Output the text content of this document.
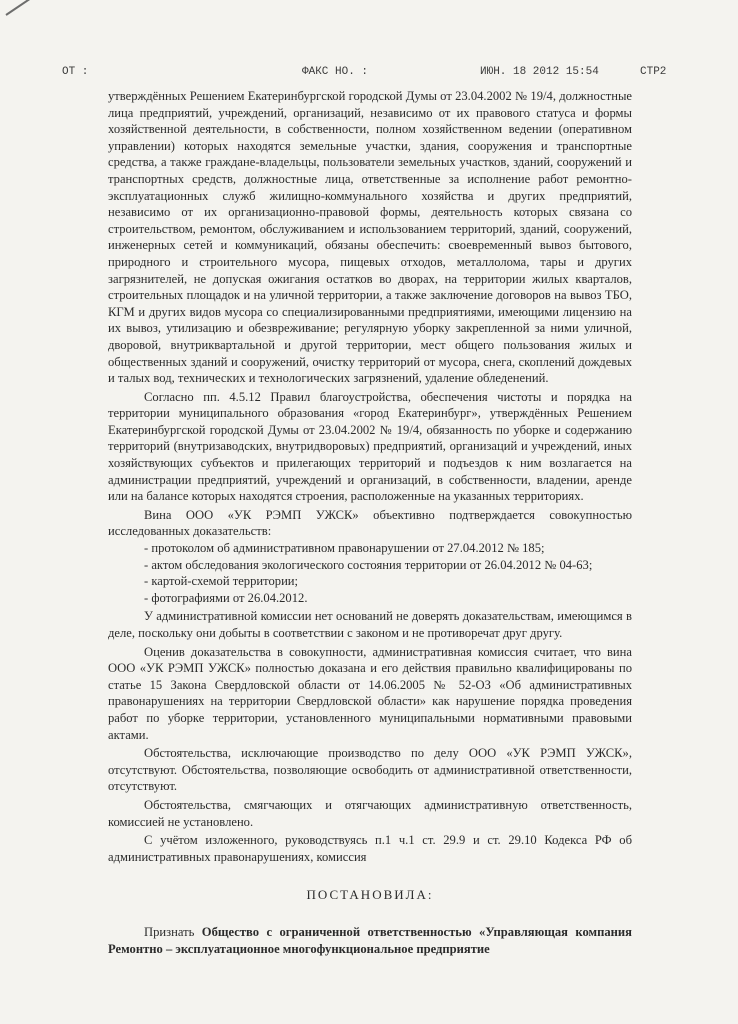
ОТ :	ФАКС НО. :	ИЮН. 18 2012 15:54	СТР2

утверждённых Решением Екатеринбургской городской Думы от 23.04.2002 № 19/4, должностные лица предприятий, учреждений, организаций, независимо от их правового статуса и формы хозяйственной деятельности, в собственности, полном хозяйственном ведении (оперативном управлении) которых находятся земельные участки, здания, сооружения и транспортные средства, а также граждане-владельцы, пользователи земельных участков, зданий, сооружений и транспортных средств, должностные лица, ответственные за исполнение работ ремонтно-эксплуатационных служб жилищно-коммунального хозяйства и других предприятий, независимо от их организационно-правовой формы, деятельность которых связана со строительством, ремонтом, обслуживанием и использованием территорий, зданий, сооружений, инженерных сетей и коммуникаций, обязаны обеспечить: своевременный вывоз бытового, природного и строительного мусора, пищевых отходов, металлолома, тары и других загрязнителей, не допуская ожигания остатков во дворах, на территории жилых кварталов, строительных площадок и на уличной территории, а также заключение договоров на вывоз ТБО, КГМ и других видов мусора со специализированными предприятиями, имеющими лицензию на их вывоз, утилизацию и обезвреживание; регулярную уборку закрепленной за ними уличной, дворовой, внутриквартальной и другой территории, мест общего пользования жилых и общественных зданий и сооружений, очистку территорий от мусора, снега, скоплений дождевых и талых вод, технических и технологических загрязнений, удаление обледенений.

Согласно пп. 4.5.12 Правил благоустройства, обеспечения чистоты и порядка на территории муниципального образования «город Екатеринбург», утверждённых Решением Екатеринбургской городской Думы от 23.04.2002 № 19/4, обязанность по уборке и содержанию территорий (внутризаводских, внутридворовых) предприятий, организаций и учреждений, иных хозяйствующих субъектов и прилегающих территорий и подъездов к ним возлагается на администрации предприятий, учреждений и организаций, в собственности, владении, аренде или на балансе которых находятся строения, расположенные на указанных территориях.

Вина ООО «УК РЭМП УЖСК» объективно подтверждается совокупностью исследованных доказательств:

- протоколом об административном правонарушении от 27.04.2012 № 185;

- актом обследования экологического состояния территории от 26.04.2012 № 04-63;

- картой-схемой территории;

- фотографиями от 26.04.2012.

У административной комиссии нет оснований не доверять доказательствам, имеющимся в деле, поскольку они добыты в соответствии с законом и не противоречат друг другу.

Оценив доказательства в совокупности, административная комиссия считает, что вина ООО «УК РЭМП УЖСК» полностью доказана и его действия правильно квалифицированы по статье 15 Закона Свердловской области от 14.06.2005 № 52-ОЗ «Об административных правонарушениях на территории Свердловской области» как нарушение порядка проведения работ по уборке территории, установленного муниципальными нормативными правовыми актами.

Обстоятельства, исключающие производство по делу ООО «УК РЭМП УЖСК», отсутствуют. Обстоятельства, позволяющие освободить от административной ответственности, отсутствуют.

Обстоятельства, смягчающих и отягчающих административную ответственность, комиссией не установлено.

С учётом изложенного, руководствуясь п.1 ч.1 ст. 29.9 и ст. 29.10 Кодекса РФ об административных правонарушениях, комиссия

ПОСТАНОВИЛА:

Признать Общество с ограниченной ответственностью «Управляющая компания Ремонтно – эксплуатационное многофункциональное предприятие
